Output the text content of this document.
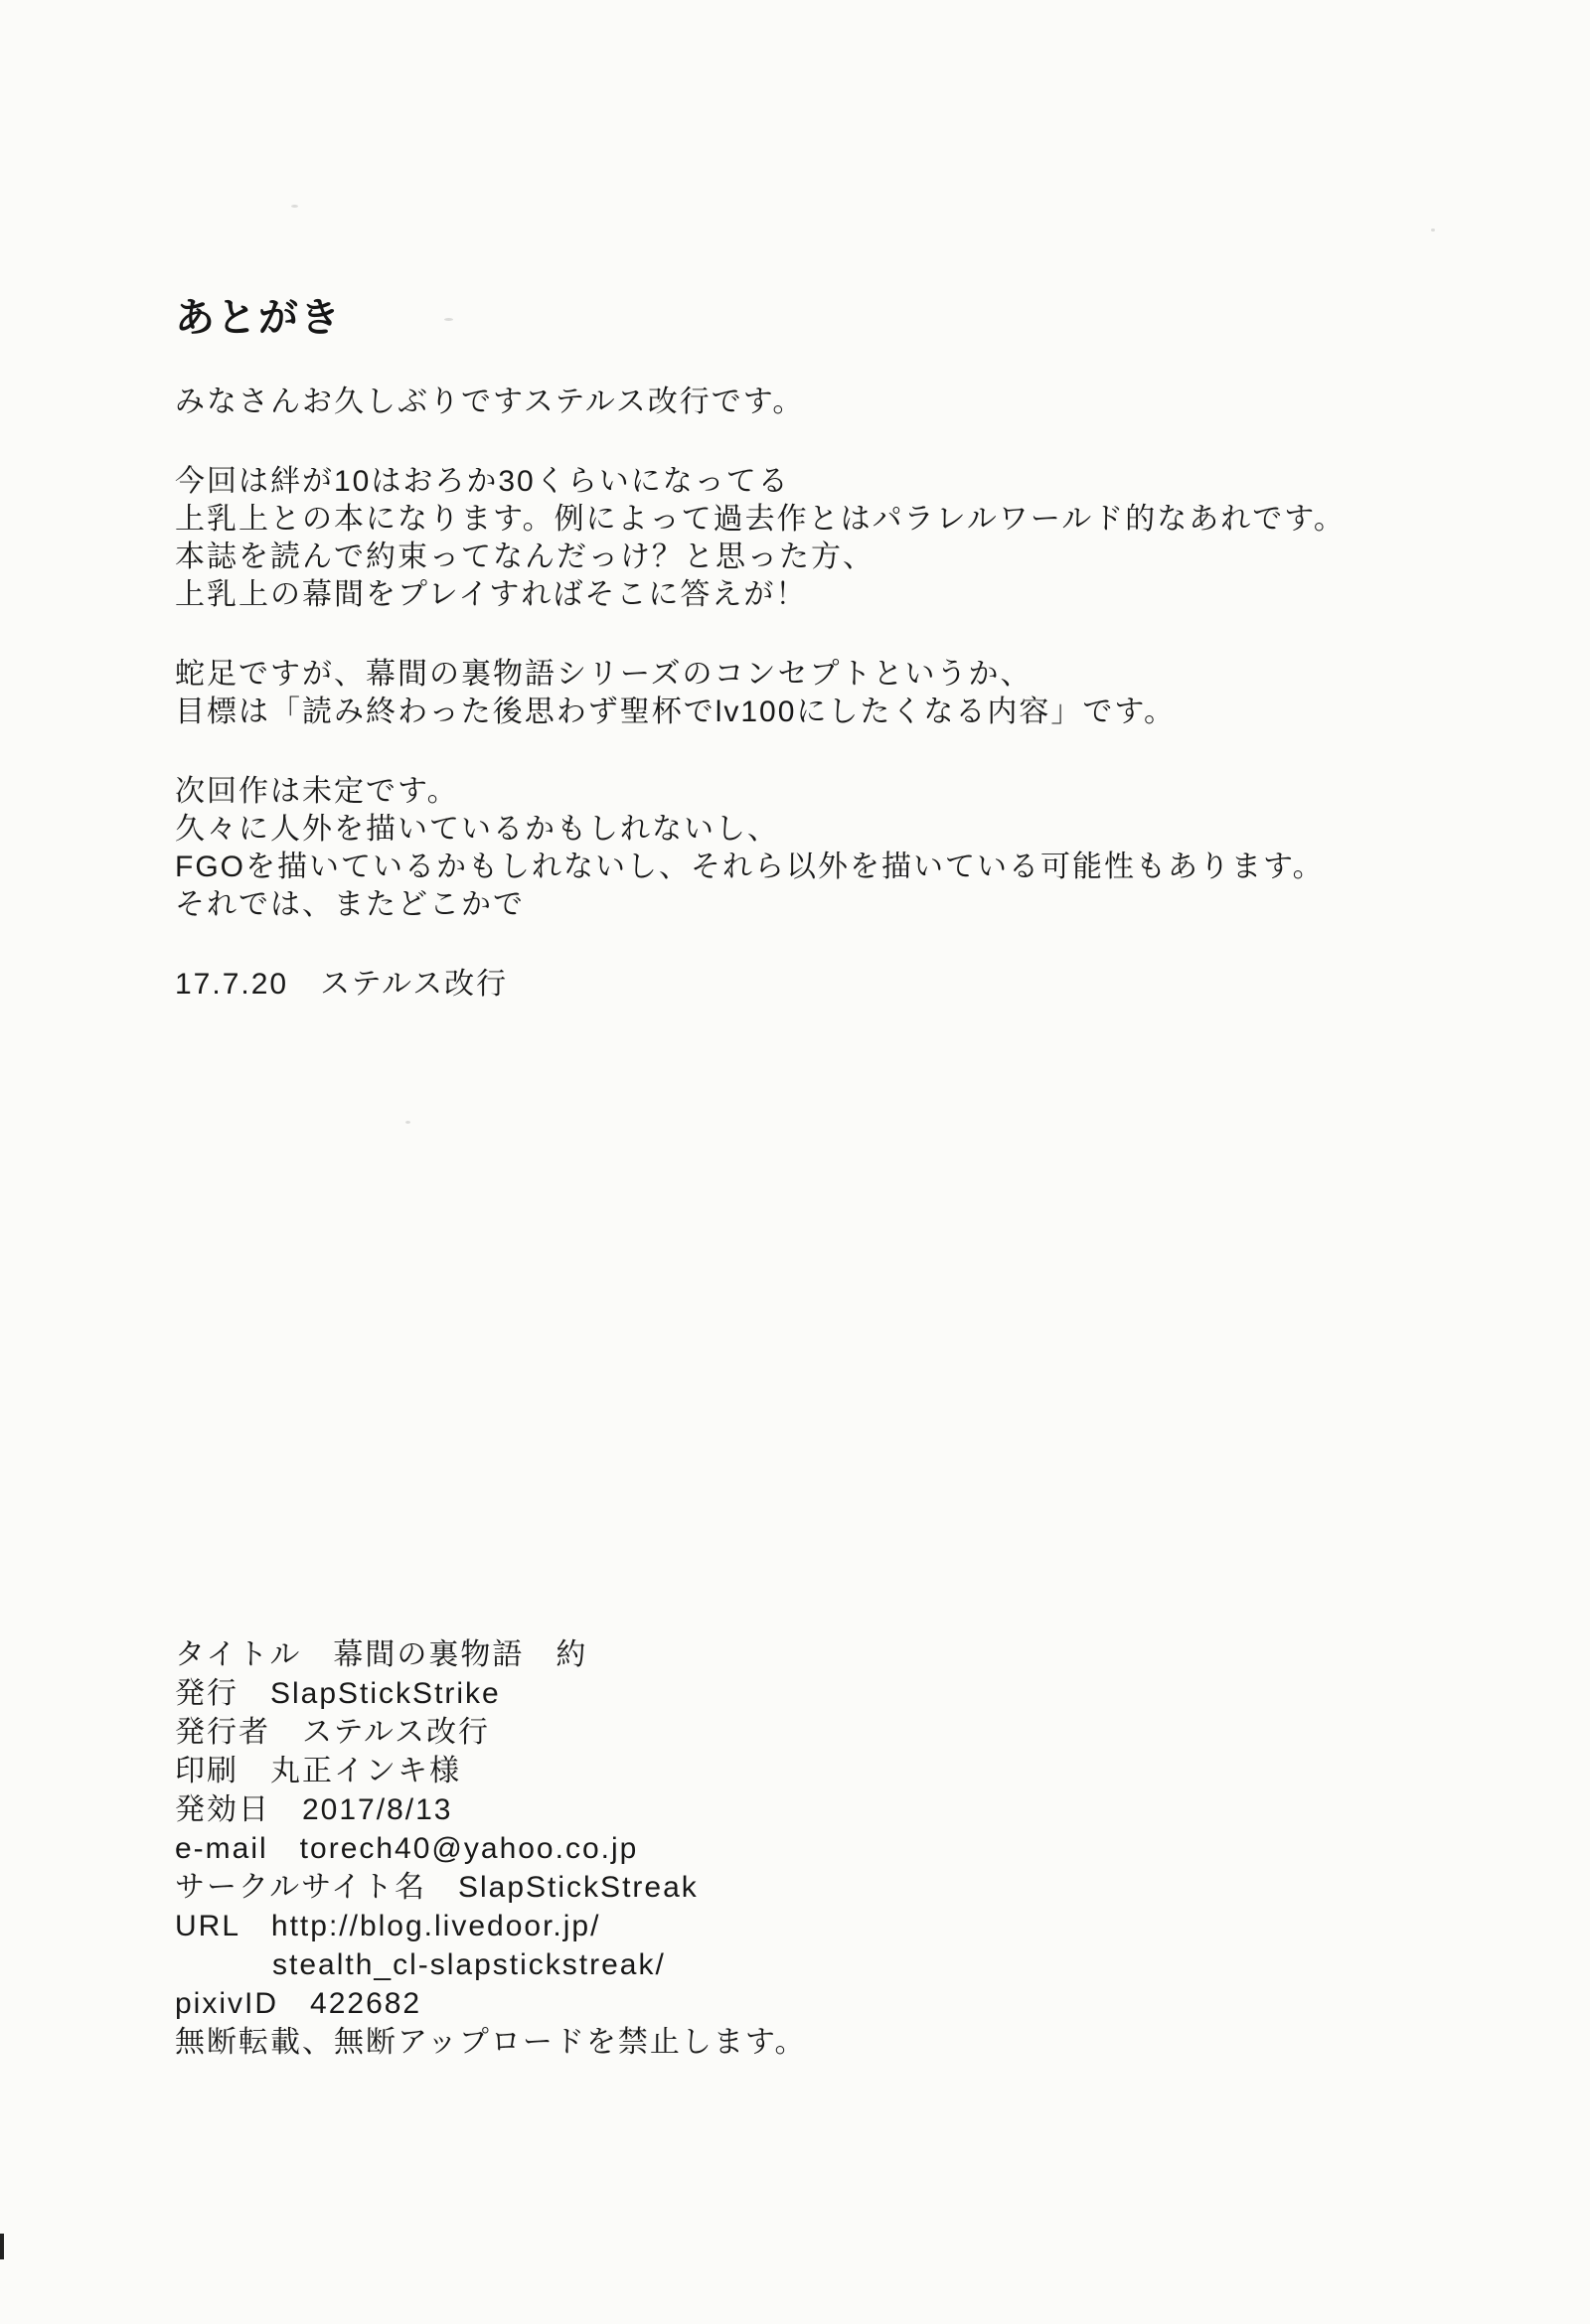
あとがき

みなさんお久しぶりですステルス改行です。

今回は絆が10はおろか30くらいになってる
上乳上との本になります。例によって過去作とはパラレルワールド的なあれです。
本誌を読んで約束ってなんだっけ？と思った方、
上乳上の幕間をプレイすればそこに答えが！

蛇足ですが、幕間の裏物語シリーズのコンセプトというか、
目標は「読み終わった後思わず聖杯でlv100にしたくなる内容」です。

次回作は未定です。
久々に人外を描いているかもしれないし、
FGOを描いているかもしれないし、それら以外を描いている可能性もあります。
それでは、またどこかで

17.7.20　ステルス改行

タイトル　幕間の裏物語　約
発行　SlapStickStrike
発行者　ステルス改行
印刷　丸正インキ様
発効日　2017/8/13
e-mail　torech40@yahoo.co.jp
サークルサイト名　SlapStickStreak
URL　http://blog.livedoor.jp/
stealth_cl-slapstickstreak/
pixivID　422682
無断転載、無断アップロードを禁止します。
